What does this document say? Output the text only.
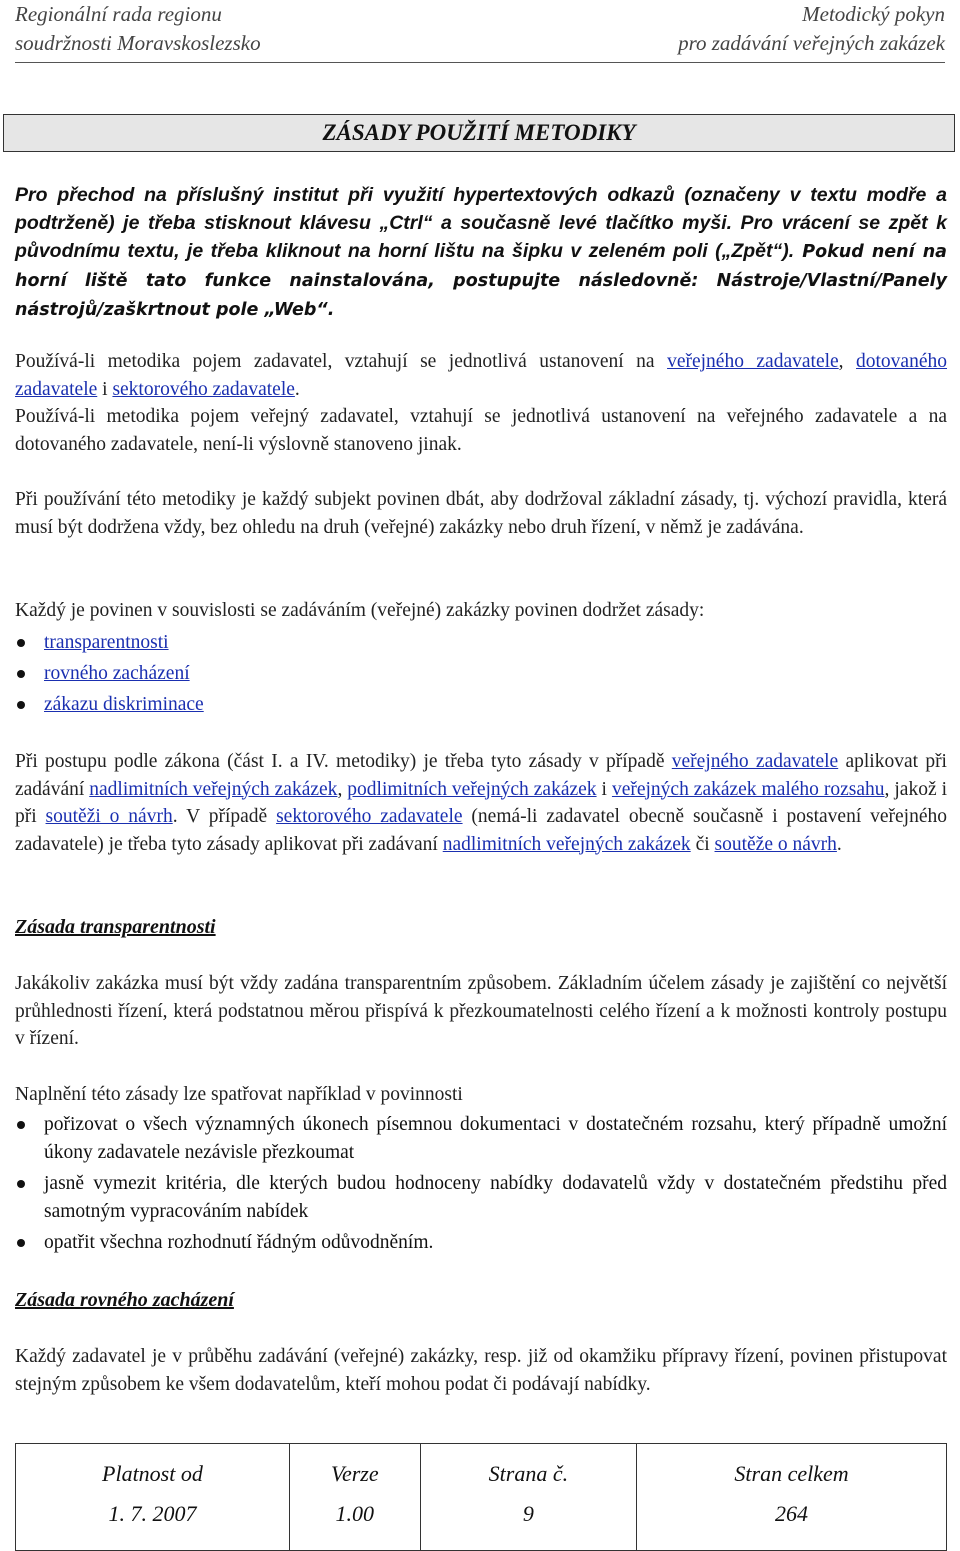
Regionální rada regionu
soudržnosti Moravskoslezsko
Metodický pokyn
pro zadávání veřejných zakázek
ZÁSADY POUŽITÍ METODIKY

Pro přechod na příslušný institut při využití hypertextových odkazů (označeny v textu modře a podtrženě) je třeba stisknout klávesu „Ctrl“ a současně levé tlačítko myši. Pro vrácení se zpět k původnímu textu, je třeba kliknout na horní lištu na šipku v zeleném poli („Zpět“). Pokud není na horní liště tato funkce nainstalována, postupujte následovně: Nástroje/Vlastní/Panely nástrojů/zaškrtnout pole „Web“.

Používá-li metodika pojem zadavatel, vztahují se jednotlivá ustanovení na veřejného zadavatele, dotovaného zadavatele i sektorového zadavatele.

Používá-li metodika pojem veřejný zadavatel, vztahují se jednotlivá ustanovení na veřejného zadavatele a na dotovaného zadavatele, není-li výslovně stanoveno jinak.

Při používání této metodiky je každý subjekt povinen dbát, aby dodržoval základní zásady, tj. výchozí pravidla, která musí být dodržena vždy, bez ohledu na druh (veřejné) zakázky nebo druh řízení, v němž je zadávána.

Každý je povinen v souvislosti se zadáváním (veřejné) zakázky povinen dodržet zásady:

transparentnosti
rovného zacházení
zákazu diskriminace

Při postupu podle zákona (část I. a IV. metodiky) je třeba tyto zásady v případě veřejného zadavatele aplikovat při zadávání nadlimitních veřejných zakázek, podlimitních veřejných zakázek i veřejných zakázek malého rozsahu, jakož i při soutěži o návrh. V případě sektorového zadavatele (nemá-li zadavatel obecně současně i postavení veřejného zadavatele) je třeba tyto zásady aplikovat při zadávaní nadlimitních veřejných zakázek či soutěže o návrh.

Zásada transparentnosti

Jakákoliv zakázka musí být vždy zadána transparentním způsobem. Základním účelem zásady je zajištění co největší průhlednosti řízení, která podstatnou měrou přispívá k přezkoumatelnosti celého řízení a k možnosti kontroly postupu v řízení.

Naplnění této zásady lze spatřovat například v povinnosti

pořizovat o všech významných úkonech písemnou dokumentaci v dostatečném rozsahu, který případně umožní úkony zadavatele nezávisle přezkoumat
jasně vymezit kritéria, dle kterých budou hodnoceny nabídky dodavatelů vždy v dostatečném předstihu před samotným vypracováním nabídek
opatřit všechna rozhodnutí řádným odůvodněním.
Zásada rovného zacházení

Každý zadavatel je v průběhu zadávání (veřejné) zakázky, resp. již od okamžiku přípravy řízení, povinen přistupovat stejným způsobem ke všem dodavatelům, kteří mohou podat či podávají nabídky.

Platnost od	Verze	Strana č.	Stran celkem
1. 7. 2007	1.00	9	264
